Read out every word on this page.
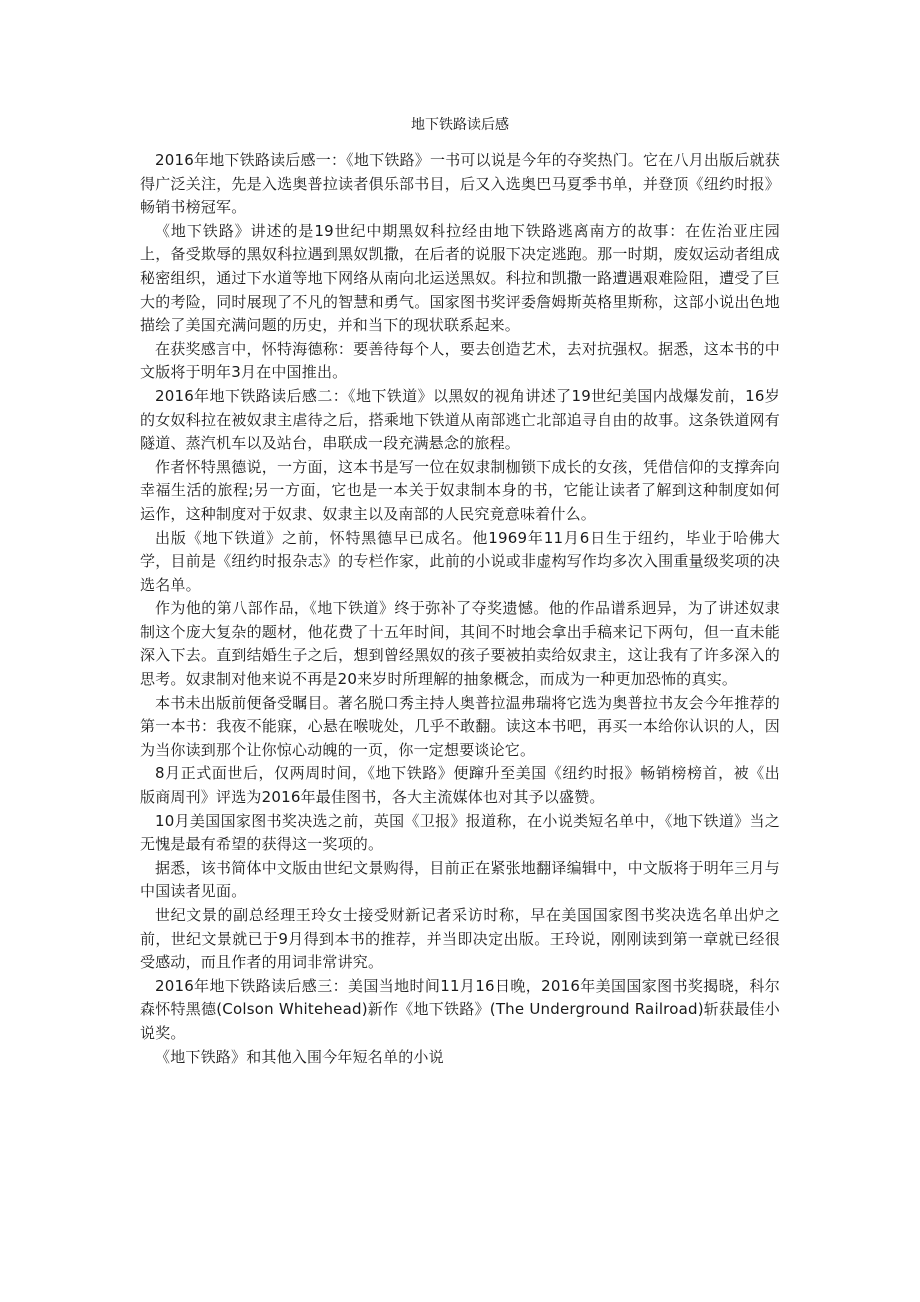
地下铁路读后感

2016年地下铁路读后感一：《地下铁路》一书可以说是今年的夺奖热门。它在八月出版后就获得广泛关注，先是入选奥普拉读者俱乐部书目，后又入选奥巴马夏季书单，并登顶《纽约时报》畅销书榜冠军。

《地下铁路》讲述的是19世纪中期黑奴科拉经由地下铁路逃离南方的故事：在佐治亚庄园上，备受欺辱的黑奴科拉遇到黑奴凯撒，在后者的说服下决定逃跑。那一时期，废奴运动者组成秘密组织，通过下水道等地下网络从南向北运送黑奴。科拉和凯撒一路遭遇艰难险阻，遭受了巨大的考险，同时展现了不凡的智慧和勇气。国家图书奖评委詹姆斯英格里斯称，这部小说出色地描绘了美国充满问题的历史，并和当下的现状联系起来。

在获奖感言中，怀特海德称：要善待每个人，要去创造艺术，去对抗强权。据悉，这本书的中文版将于明年3月在中国推出。

2016年地下铁路读后感二：《地下铁道》以黑奴的视角讲述了19世纪美国内战爆发前，16岁的女奴科拉在被奴隶主虐待之后，搭乘地下铁道从南部逃亡北部追寻自由的故事。这条铁道网有隧道、蒸汽机车以及站台，串联成一段充满悬念的旅程。

作者怀特黑德说，一方面，这本书是写一位在奴隶制枷锁下成长的女孩，凭借信仰的支撑奔向幸福生活的旅程;另一方面，它也是一本关于奴隶制本身的书，它能让读者了解到这种制度如何运作，这种制度对于奴隶、奴隶主以及南部的人民究竟意味着什么。

出版《地下铁道》之前，怀特黑德早已成名。他1969年11月6日生于纽约，毕业于哈佛大学，目前是《纽约时报杂志》的专栏作家，此前的小说或非虚构写作均多次入围重量级奖项的决选名单。

作为他的第八部作品，《地下铁道》终于弥补了夺奖遗憾。他的作品谱系迥异，为了讲述奴隶制这个庞大复杂的题材，他花费了十五年时间，其间不时地会拿出手稿来记下两句，但一直未能深入下去。直到结婚生子之后，想到曾经黑奴的孩子要被拍卖给奴隶主，这让我有了许多深入的思考。奴隶制对他来说不再是20来岁时所理解的抽象概念，而成为一种更加恐怖的真实。

本书未出版前便备受瞩目。著名脱口秀主持人奥普拉温弗瑞将它选为奥普拉书友会今年推荐的第一本书：我夜不能寐，心悬在喉咙处，几乎不敢翻。读这本书吧，再买一本给你认识的人，因为当你读到那个让你惊心动魄的一页，你一定想要谈论它。

8月正式面世后，仅两周时间，《地下铁路》便蹿升至美国《纽约时报》畅销榜榜首，被《出版商周刊》评选为2016年最佳图书，各大主流媒体也对其予以盛赞。

10月美国国家图书奖决选之前，英国《卫报》报道称，在小说类短名单中，《地下铁道》当之无愧是最有希望的获得这一奖项的。

据悉，该书简体中文版由世纪文景购得，目前正在紧张地翻译编辑中，中文版将于明年三月与中国读者见面。

世纪文景的副总经理王玲女士接受财新记者采访时称，早在美国国家图书奖决选名单出炉之前，世纪文景就已于9月得到本书的推荐，并当即决定出版。王玲说，刚刚读到第一章就已经很受感动，而且作者的用词非常讲究。

2016年地下铁路读后感三：美国当地时间11月16日晚，2016年美国国家图书奖揭晓，科尔森怀特黑德(Colson Whitehead)新作《地下铁路》(The Underground Railroad)斩获最佳小说奖。

《地下铁路》和其他入围今年短名单的小说
